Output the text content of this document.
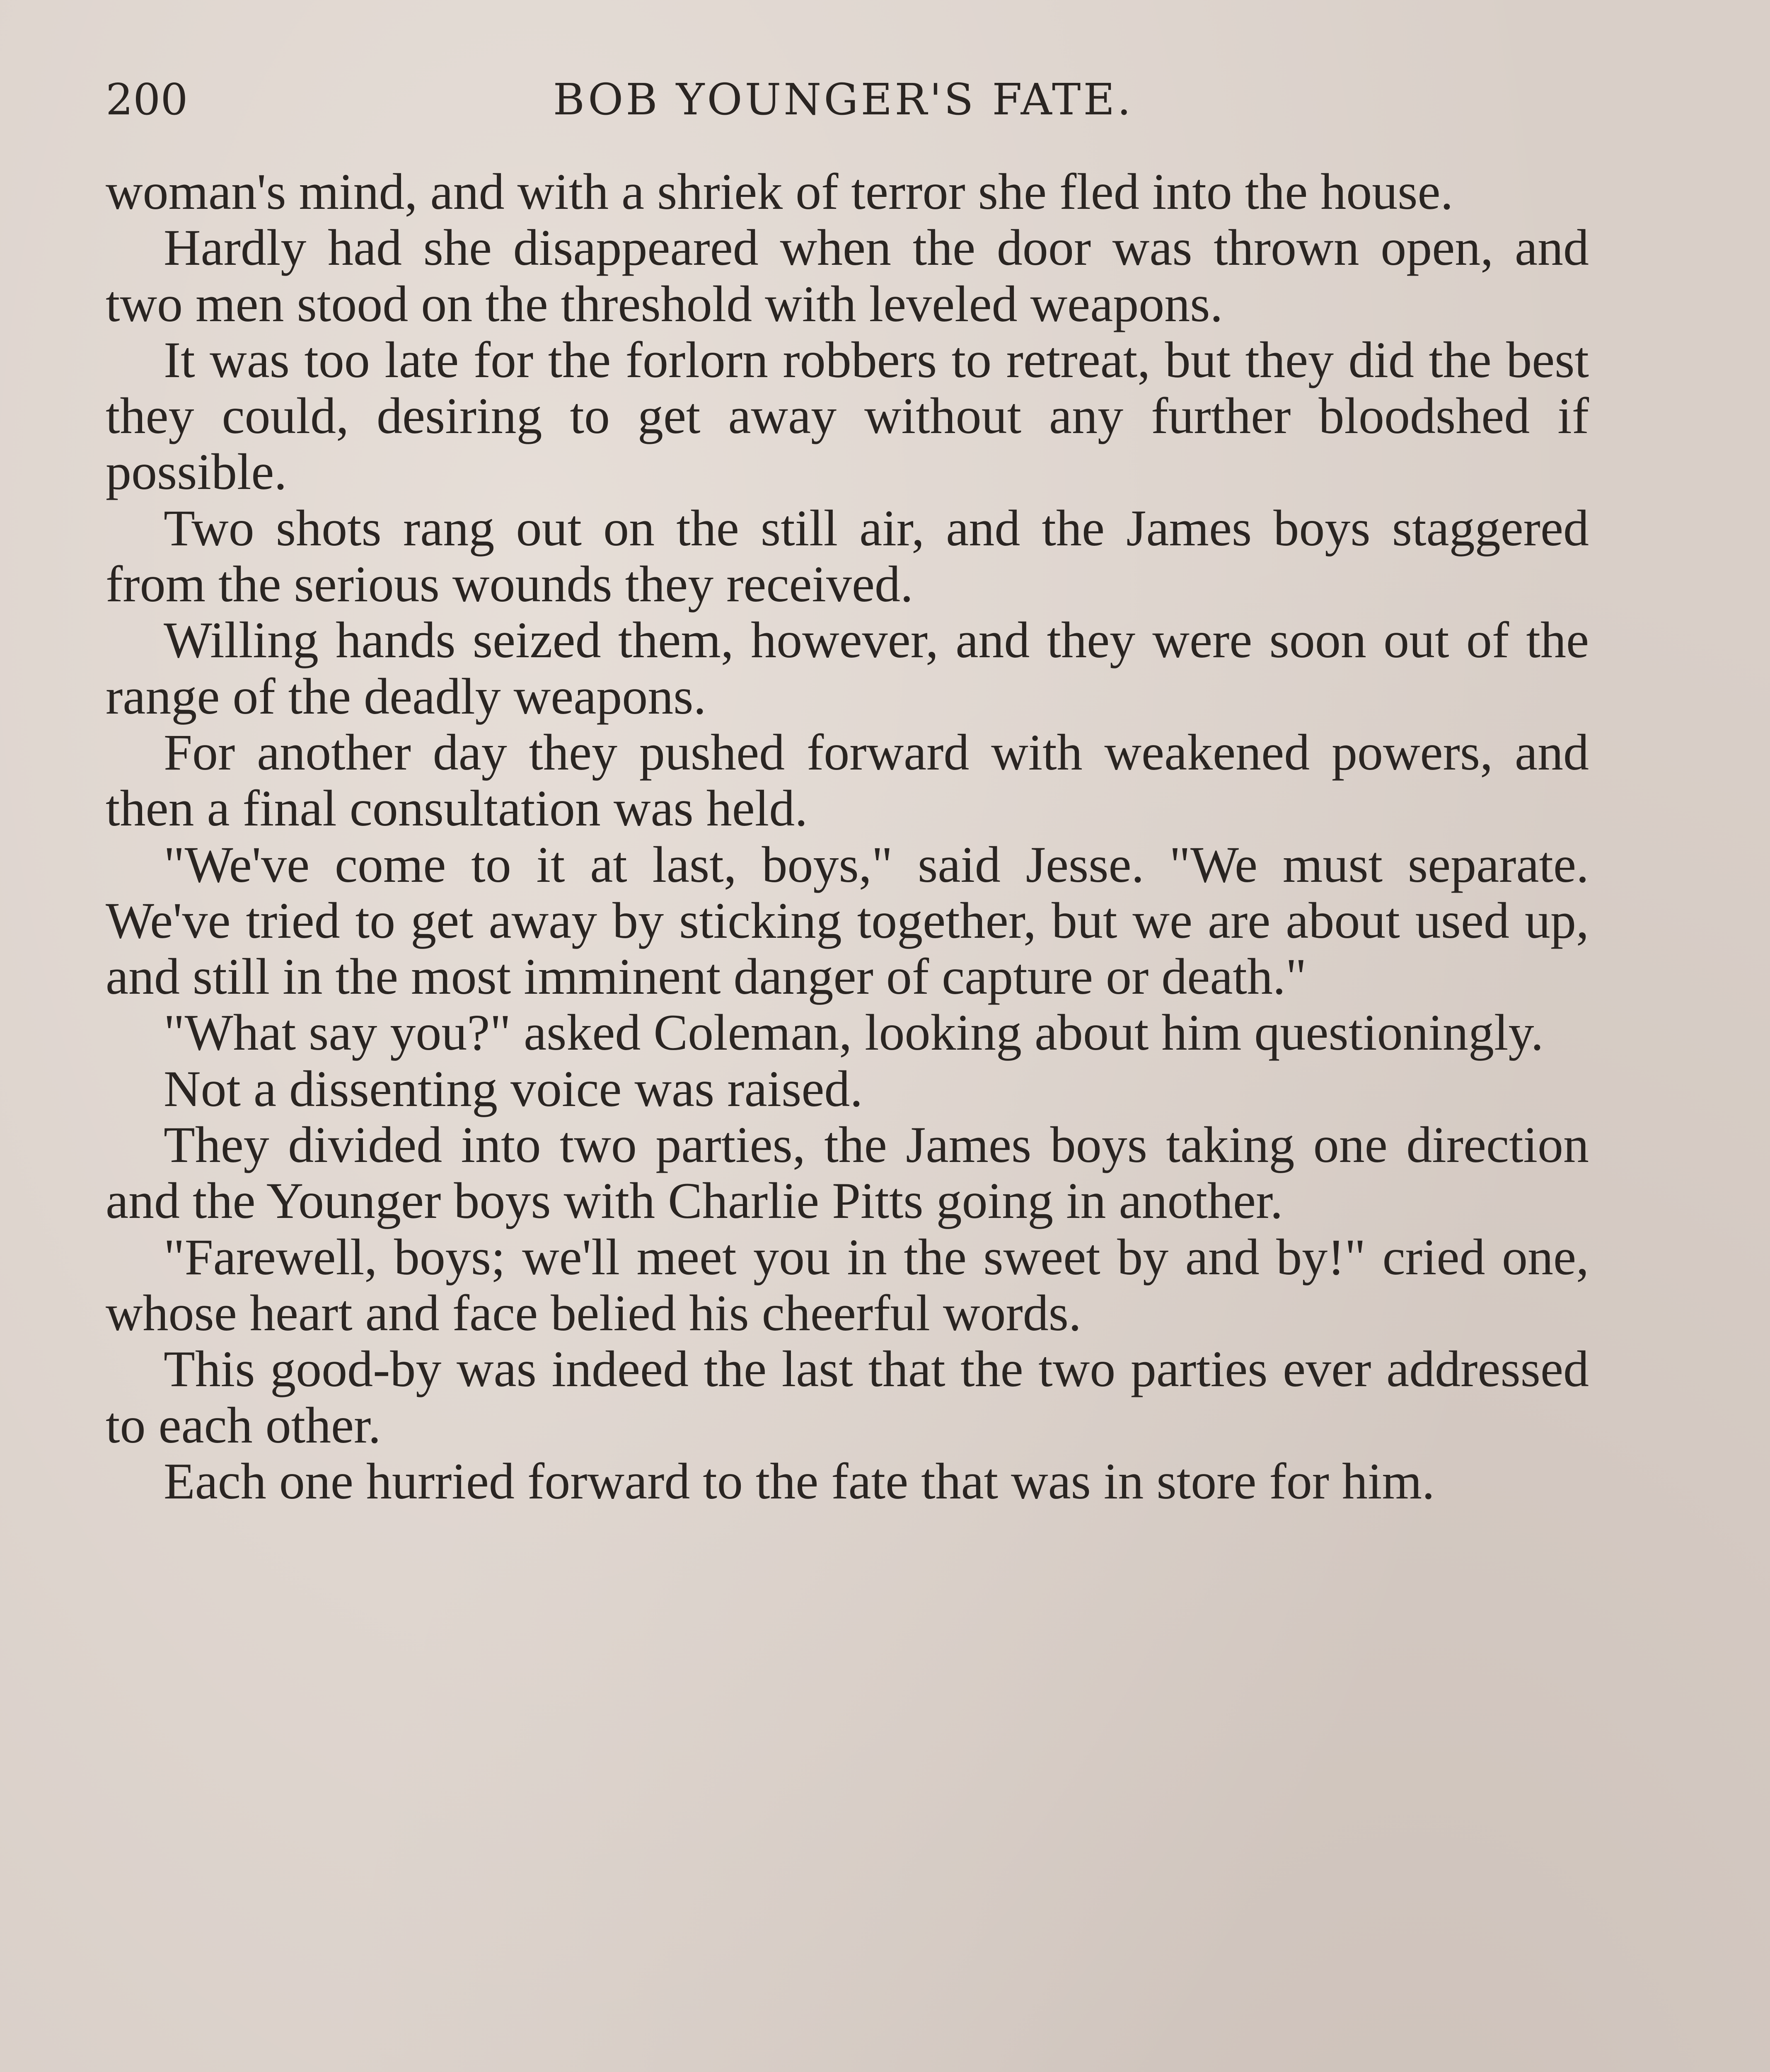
200	BOB YOUNGER'S FATE.

woman's mind, and with a shriek of terror she fled into the house.

Hardly had she disappeared when the door was thrown open, and two men stood on the threshold with leveled weapons.

It was too late for the forlorn robbers to retreat, but they did the best they could, desiring to get away without any further bloodshed if possible.

Two shots rang out on the still air, and the James boys staggered from the serious wounds they received.

Willing hands seized them, however, and they were soon out of the range of the deadly weapons.

For another day they pushed forward with weakened powers, and then a final consultation was held.

"We've come to it at last, boys," said Jesse. "We must separate. We've tried to get away by sticking together, but we are about used up, and still in the most imminent danger of capture or death."

"What say you?" asked Coleman, looking about him questioningly.

Not a dissenting voice was raised.

They divided into two parties, the James boys taking one direction and the Younger boys with Charlie Pitts going in another.

"Farewell, boys; we'll meet you in the sweet by and by!" cried one, whose heart and face belied his cheerful words.

This good-by was indeed the last that the two parties ever addressed to each other.

Each one hurried forward to the fate that was in store for him.
